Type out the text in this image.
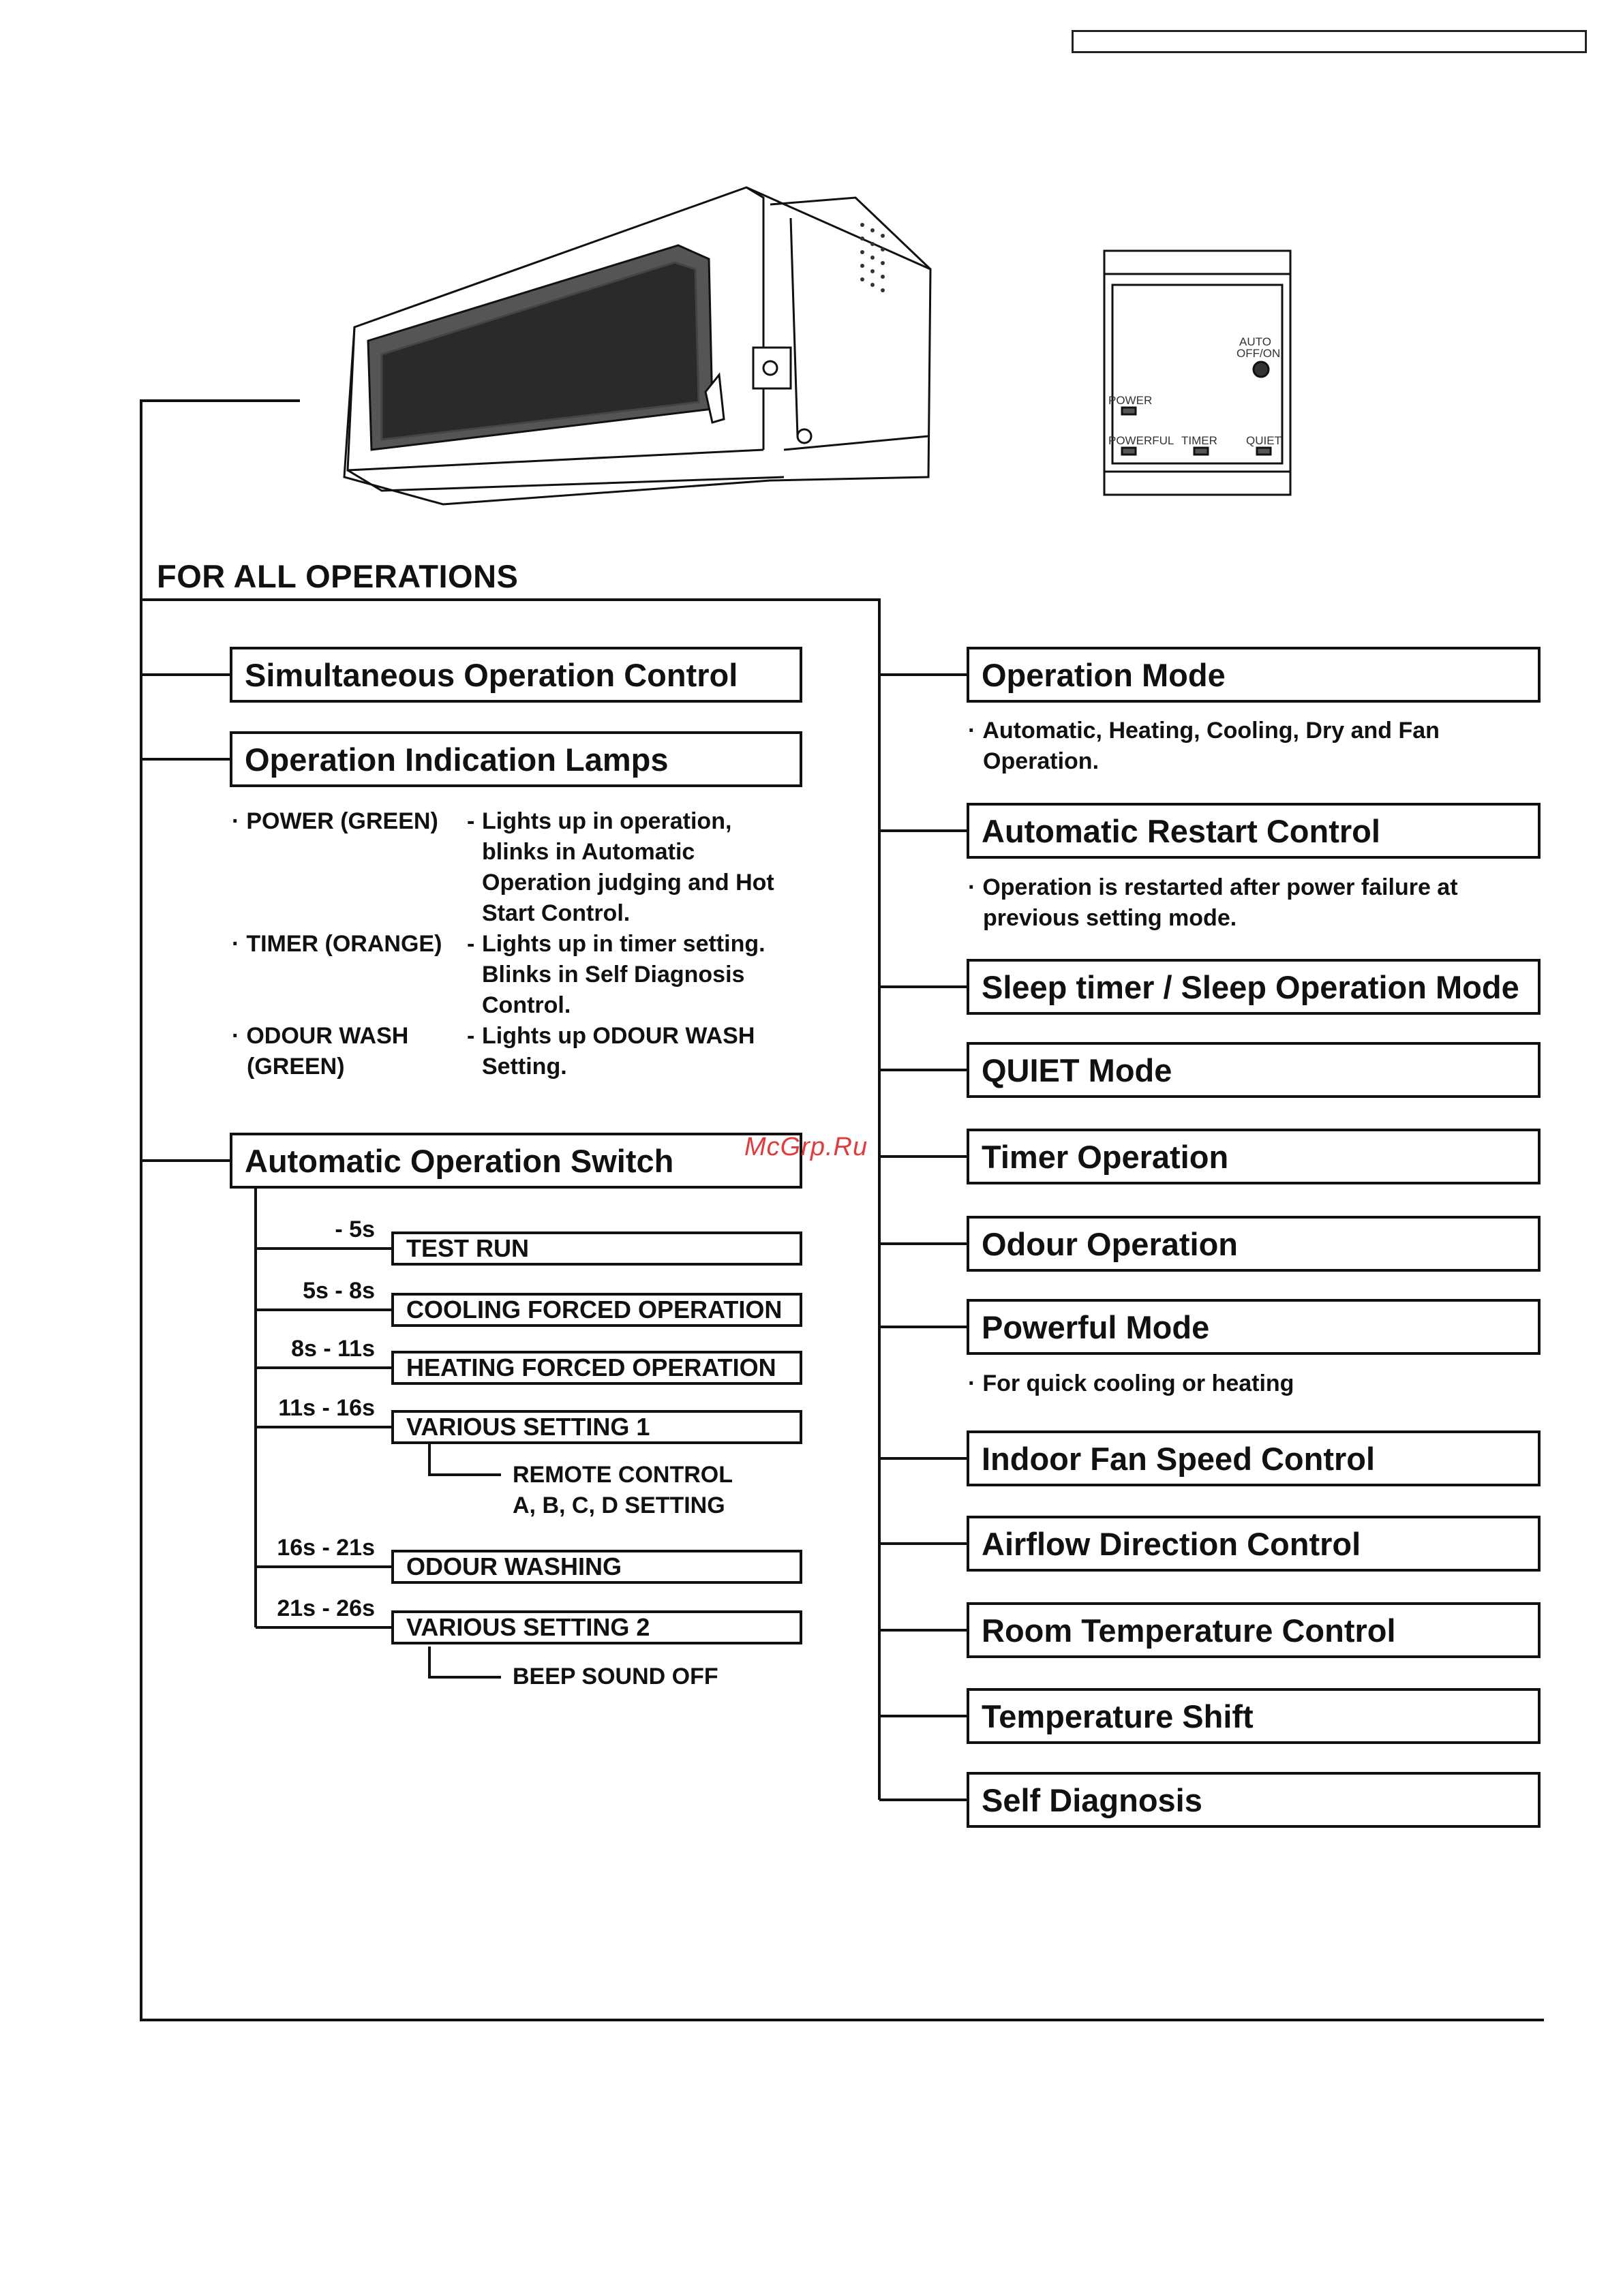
AUTO
OFF/ON
POWER
POWERFUL TIMER QUIET
FOR ALL OPERATIONS
Simultaneous Operation Control
Operation Indication Lamps
· POWER (GREEN) - Lights up in operation,
blinks in Automatic
Operation judging and Hot
Start Control.
· TIMER (ORANGE) - Lights up in timer setting.
Blinks in Self Diagnosis
Control.
· ODOUR WASH
(GREEN)
- Lights up ODOUR WASH
Setting.
Automatic Operation Switch
- 5s
TEST RUN
5s - 8s
COOLING FORCED OPERATION
8s - 11s
HEATING FORCED OPERATION
11s - 16s
VARIOUS SETTING 1
REMOTE CONTROL
A, B, C, D SETTING
16s - 21s
ODOUR WASHING
21s - 26s
VARIOUS SETTING 2
BEEP SOUND OFF
McGrp.Ru
Operation Mode
· Automatic, Heating, Cooling, Dry and Fan
Operation.
Automatic Restart Control
· Operation is restarted after power failure at
previous setting mode.
Sleep timer / Sleep Operation Mode
QUIET Mode
Timer Operation
Odour Operation
Powerful Mode
· For quick cooling or heating
Indoor Fan Speed Control
Airflow Direction Control
Room Temperature Control
Temperature Shift
Self Diagnosis
